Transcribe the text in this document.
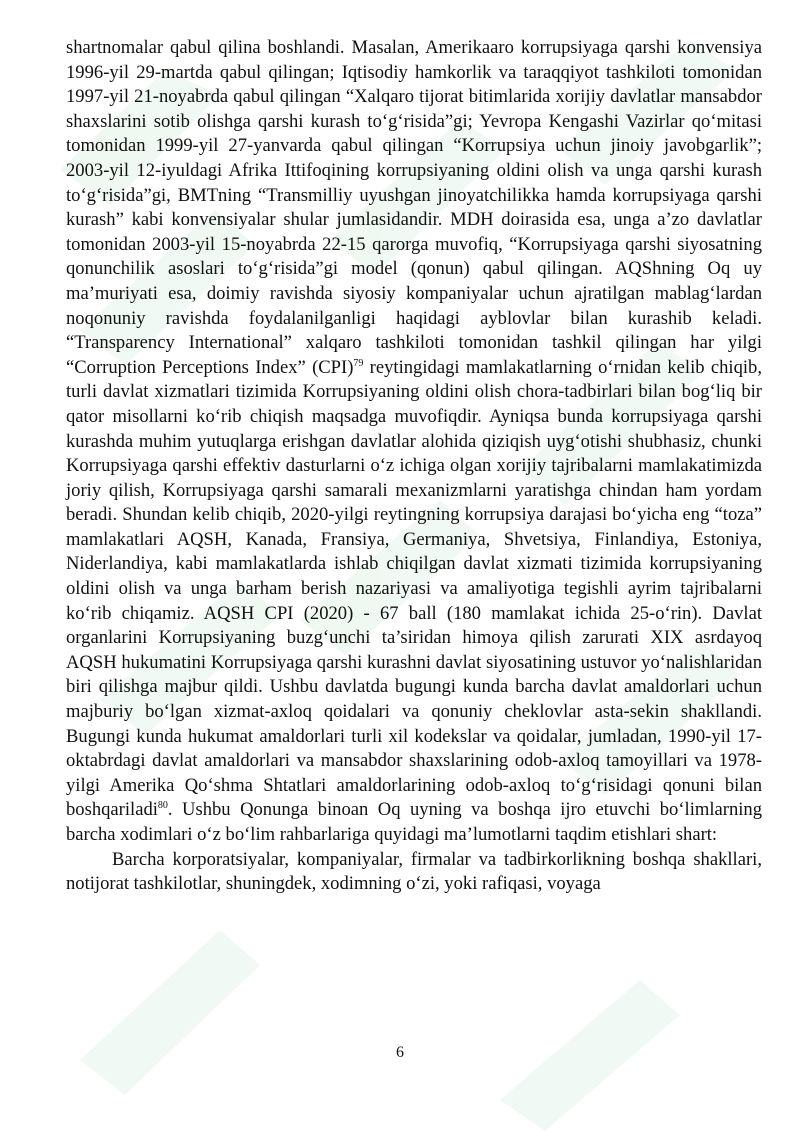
shartnomalar qabul qilina boshlandi. Masalan, Amerikaaro korrupsiyaga qarshi konvensiya 1996-yil 29-martda qabul qilingan; Iqtisodiy hamkorlik va taraqqiyot tashkiloti tomonidan 1997-yil 21-noyabrda qabul qilingan “Xalqaro tijorat bitimlarida xorijiy davlatlar mansabdor shaxslarini sotib olishga qarshi kurash to‘g‘risida”gi; Yevropa Kengashi Vazirlar qo‘mitasi tomonidan 1999-yil 27-yanvarda qabul qilingan “Korrupsiya uchun jinoiy javobgarlik”; 2003-yil 12-iyuldagi Afrika Ittifoqining korrupsiyaning oldini olish va unga qarshi kurash to‘g‘risida”gi, BMTning “Transmilliy uyushgan jinoyatchilikka hamda korrupsiyaga qarshi kurash” kabi konvensiyalar shular jumlasidandir. MDH doirasida esa, unga a’zo davlatlar tomonidan 2003-yil 15-noyabrda 22-15 qarorga muvofiq, “Korrupsiyaga qarshi siyosatning qonunchilik asoslari to‘g‘risida”gi model (qonun) qabul qilingan. AQShning Oq uy ma’muriyati esa, doimiy ravishda siyosiy kompaniyalar uchun ajratilgan mablag‘lardan noqonuniy ravishda foydalanilganligi haqidagi ayblovlar bilan kurashib keladi. “Transparency International” xalqaro tashkiloti tomonidan tashkil qilingan har yilgi “Corruption Perceptions Index” (CPI)$^{79}$ reytingidagi mamlakatlarning o‘rnidan kelib chiqib, turli davlat xizmatlari tizimida Korrupsiyaning oldini olish chora-tadbirlari bilan bog‘liq bir qator misollarni ko‘rib chiqish maqsadga muvofiqdir. Ayniqsa bunda korrupsiyaga qarshi kurashda muhim yutuqlarga erishgan davlatlar alohida qiziqish uyg‘otishi shubhasiz, chunki Korrupsiyaga qarshi effektiv dasturlarni o‘z ichiga olgan xorijiy tajribalarni mamlakatimizda joriy qilish, Korrupsiyaga qarshi samarali mexanizmlarni yaratishga chindan ham yordam beradi. Shundan kelib chiqib, 2020-yilgi reytingning korrupsiya darajasi bo‘yicha eng “toza” mamlakatlari AQSH, Kanada, Fransiya, Germaniya, Shvetsiya, Finlandiya, Estoniya, Niderlandiya, kabi mamlakatlarda ishlab chiqilgan davlat xizmati tizimida korrupsiyaning oldini olish va unga barham berish nazariyasi va amaliyotiga tegishli ayrim tajribalarni ko‘rib chiqamiz. AQSH CPI (2020) - 67 ball (180 mamlakat ichida 25-o‘rin). Davlat organlarini Korrupsiyaning buzg‘unchi ta’siridan himoya qilish zarurati XIX asrdayoq AQSH hukumatini Korrupsiyaga qarshi kurashni davlat siyosatining ustuvor yo‘nalishlaridan biri qilishga majbur qildi. Ushbu davlatda bugungi kunda barcha davlat amaldorlari uchun majburiy bo‘lgan xizmat-axloq qoidalari va qonuniy cheklovlar asta-sekin shakllandi. Bugungi kunda hukumat amaldorlari turli xil kodekslar va qoidalar, jumladan, 1990-yil 17-oktabrdagi davlat amaldorlari va mansabdor shaxslarining odob-axloq tamoyillari va 1978-yilgi Amerika Qo‘shma Shtatlari amaldorlarining odob-axloq to‘g‘risidagi qonuni bilan boshqariladi$^{80}$. Ushbu Qonunga binoan Oq uyning va boshqa ijro etuvchi bo‘limlarning barcha xodimlari o‘z bo‘lim rahbarlariga quyidagi ma’lumotlarni taqdim etishlari shart:

Barcha korporatsiyalar, kompaniyalar, firmalar va tadbirkorlikning boshqa shakllari, notijorat tashkilotlar, shuningdek, xodimning o‘zi, yoki rafiqasi, voyaga

6
